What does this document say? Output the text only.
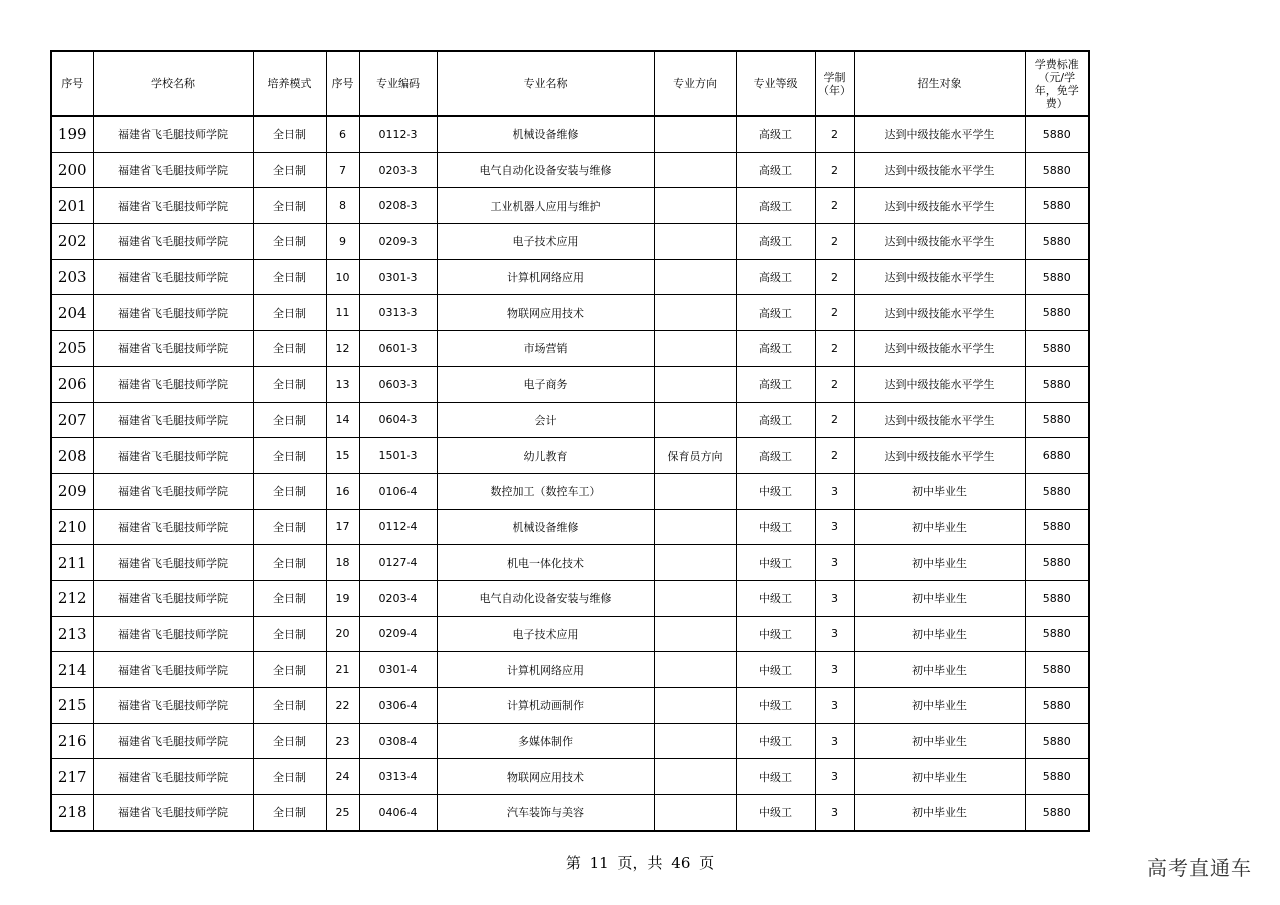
序号	学校名称	培养模式	序号	专业编码	专业名称	专业方向	专业等级	学制（年）	招生对象	学费标准（元/学年，免学费）
199	福建省飞毛腿技师学院	全日制	6	0112-3	机械设备维修		高级工	2	达到中级技能水平学生	5880
200	福建省飞毛腿技师学院	全日制	7	0203-3	电气自动化设备安装与维修		高级工	2	达到中级技能水平学生	5880
201	福建省飞毛腿技师学院	全日制	8	0208-3	工业机器人应用与维护		高级工	2	达到中级技能水平学生	5880
202	福建省飞毛腿技师学院	全日制	9	0209-3	电子技术应用		高级工	2	达到中级技能水平学生	5880
203	福建省飞毛腿技师学院	全日制	10	0301-3	计算机网络应用		高级工	2	达到中级技能水平学生	5880
204	福建省飞毛腿技师学院	全日制	11	0313-3	物联网应用技术		高级工	2	达到中级技能水平学生	5880
205	福建省飞毛腿技师学院	全日制	12	0601-3	市场营销		高级工	2	达到中级技能水平学生	5880
206	福建省飞毛腿技师学院	全日制	13	0603-3	电子商务		高级工	2	达到中级技能水平学生	5880
207	福建省飞毛腿技师学院	全日制	14	0604-3	会计		高级工	2	达到中级技能水平学生	5880
208	福建省飞毛腿技师学院	全日制	15	1501-3	幼儿教育	保育员方向	高级工	2	达到中级技能水平学生	6880
209	福建省飞毛腿技师学院	全日制	16	0106-4	数控加工（数控车工）		中级工	3	初中毕业生	5880
210	福建省飞毛腿技师学院	全日制	17	0112-4	机械设备维修		中级工	3	初中毕业生	5880
211	福建省飞毛腿技师学院	全日制	18	0127-4	机电一体化技术		中级工	3	初中毕业生	5880
212	福建省飞毛腿技师学院	全日制	19	0203-4	电气自动化设备安装与维修		中级工	3	初中毕业生	5880
213	福建省飞毛腿技师学院	全日制	20	0209-4	电子技术应用		中级工	3	初中毕业生	5880
214	福建省飞毛腿技师学院	全日制	21	0301-4	计算机网络应用		中级工	3	初中毕业生	5880
215	福建省飞毛腿技师学院	全日制	22	0306-4	计算机动画制作		中级工	3	初中毕业生	5880
216	福建省飞毛腿技师学院	全日制	23	0308-4	多媒体制作		中级工	3	初中毕业生	5880
217	福建省飞毛腿技师学院	全日制	24	0313-4	物联网应用技术		中级工	3	初中毕业生	5880
218	福建省飞毛腿技师学院	全日制	25	0406-4	汽车装饰与美容		中级工	3	初中毕业生	5880
第 11 页，共 46 页	高考直通车
